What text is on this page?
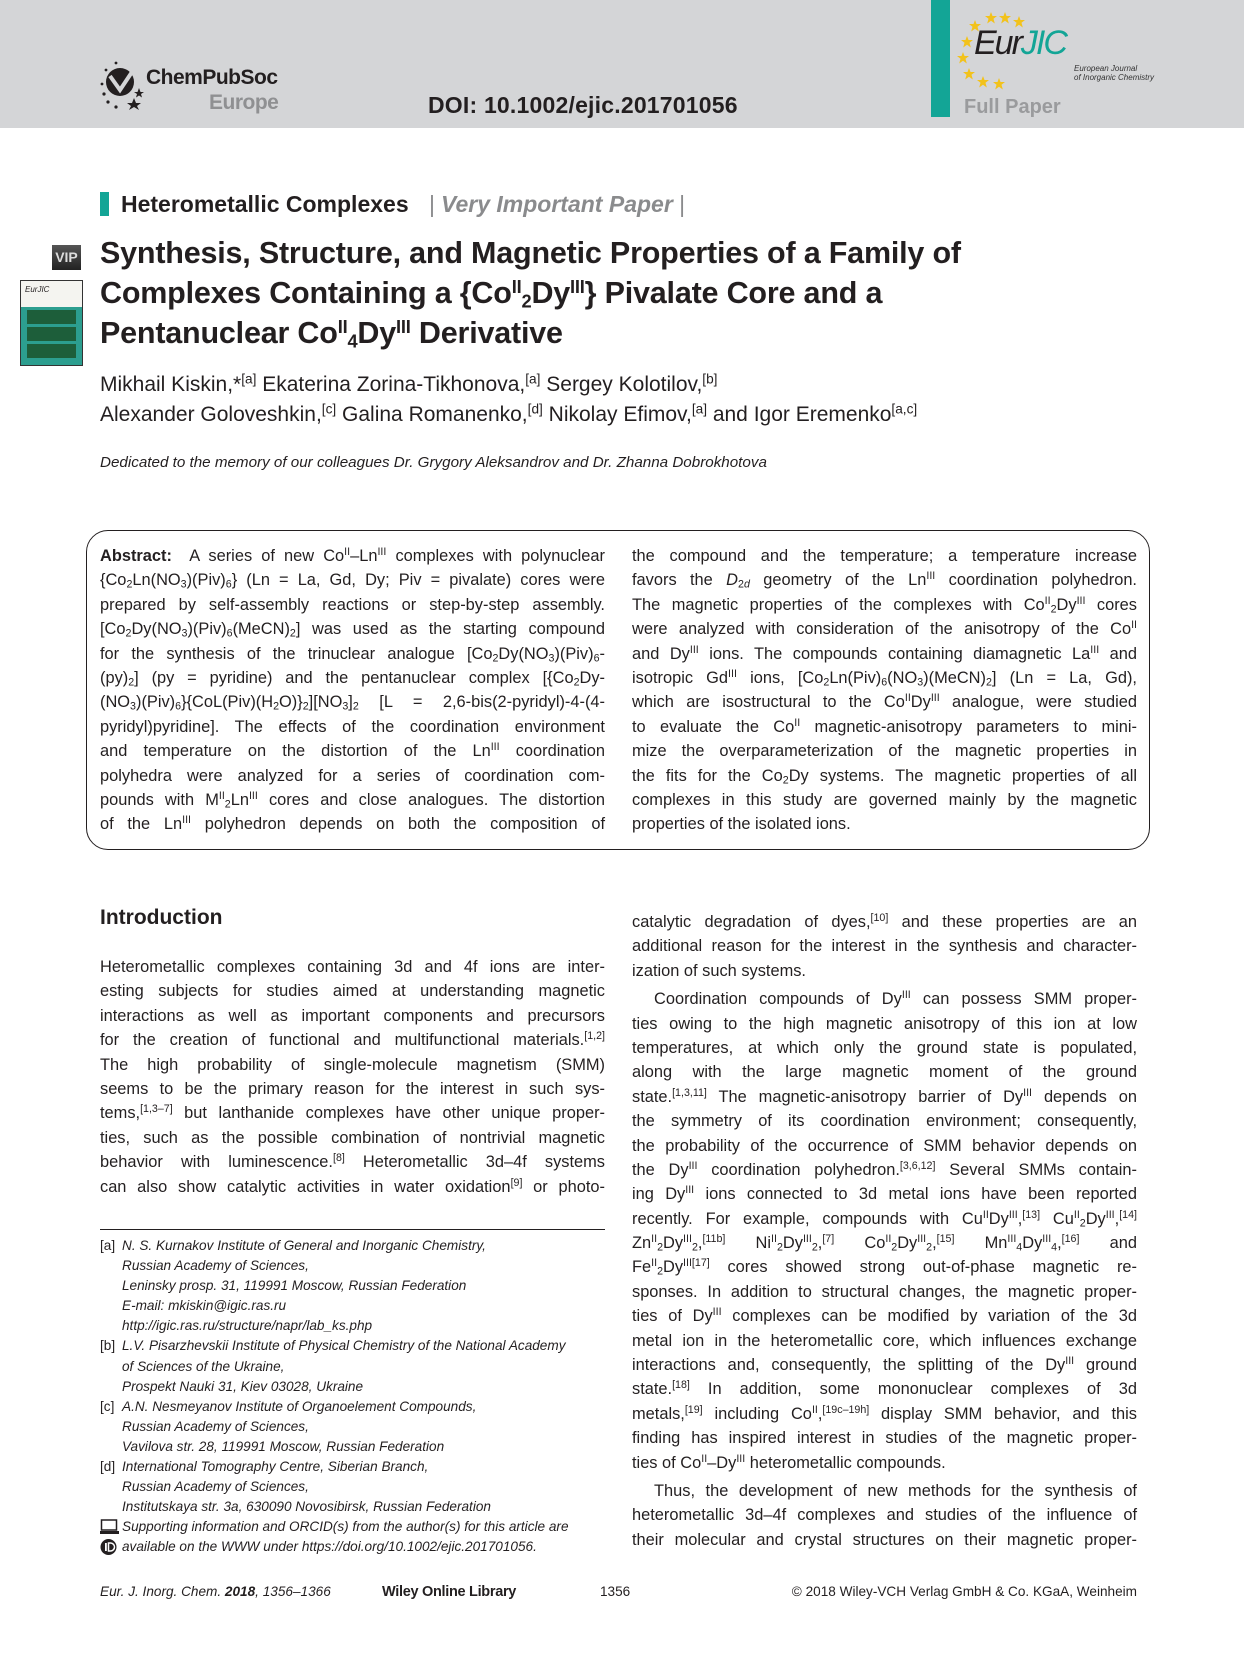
ChemPubSoc
Europe	DOI: 10.1002/ejic.201701056
EurJIC
European Journal
of Inorganic Chemistry
Full Paper
Heterometallic Complexes | Very Important Paper |
VIP
EurJIC
Synthesis, Structure, and Magnetic Properties of a Family of
Complexes Containing a $\{Co^{II}_2Dy^{III}\}$ Pivalate Core and a
Pentanuclear $Co^{II}_4Dy^{III}$ Derivative
Mikhail Kiskin,*[a] Ekaterina Zorina-Tikhonova,[a] Sergey Kolotilov,[b]
Alexander Goloveshkin,[c] Galina Romanenko,[d] Nikolay Efimov,[a] and Igor Eremenko[a,c]
Dedicated to the memory of our colleagues Dr. Grygory Aleksandrov and Dr. Zhanna Dobrokhotova
Abstract:  A series of new $Co^{II}-Ln^{III}$ complexes with polynuclear
$\{Co_2Ln(NO_3)(Piv)_6\} (Ln = La$, Gd, Dy; Piv = pivalate) cores were
prepared by self-assembly reactions or step-by-step assembly.
$[Co_2Dy(NO_3)(Piv)_6(MeCN)_2]$ was used as the starting compound
for the synthesis of the trinuclear analogue [$Co_2Dy(NO_3)(Piv)_6-$
$(py)_2$] (py = pyridine) and the pentanuclear complex [{$Co_2Dy-$
$(NO_3)(Piv)_6\}\{CoL(Piv)(H_2O)\}_2][NO_3]_2$ [L = 2,6-bis(2-pyridyl)-4-(4-
pyridyl)pyridine]. The effects of the coordination environment
and temperature on the distortion of the $Ln^{III}$ coordination
polyhedra were analyzed for a series of coordination com-
pounds with $M^{II}_2Ln^{III}$ cores and close analogues. The distortion
of the $Ln^{III}$ polyhedron depends on both the composition of
the compound and the temperature; a temperature increase
favors the $D_{2d}$ geometry of the $Ln^{III}$ coordination polyhedron.
The magnetic properties of the complexes with $Co^{II}_2Dy^{III}$ cores
were analyzed with consideration of the anisotropy of the $Co^{II}$
and $Dy^{III}$ ions. The compounds containing diamagnetic $La^{III}$ and
isotropic $Gd^{III}$ ions, $[Co_2Ln(Piv)_6(NO_3)(MeCN)_2] (Ln = La$, Gd),
which are isostructural to the $Co^{II}Dy^{III}$ analogue, were studied
to evaluate the $Co^{II}$ magnetic-anisotropy parameters to mini-
mize the overparameterization of the magnetic properties in
the fits for the $Co_2Dy$ systems. The magnetic properties of all
complexes in this study are governed mainly by the magnetic
properties of the isolated ions.
Introduction
Heterometallic complexes containing 3d and 4f ions are inter-
esting subjects for studies aimed at understanding magnetic
interactions as well as important components and precursors
for the creation of functional and multifunctional materials.[1,2]
The high probability of single-molecule magnetism (SMM)
seems to be the primary reason for the interest in such sys-
tems,[1,3–7] but lanthanide complexes have other unique proper-
ties, such as the possible combination of nontrivial magnetic
behavior with luminescence.[8] Heterometallic 3d–4f systems
can also show catalytic activities in water oxidation[9] or photo-
catalytic degradation of dyes,[10] and these properties are an
additional reason for the interest in the synthesis and character-
ization of such systems.
Coordination compounds of $Dy^{III}$ can possess SMM proper-
ties owing to the high magnetic anisotropy of this ion at low
temperatures, at which only the ground state is populated,
along with the large magnetic moment of the ground
state.[1,3,11] The magnetic-anisotropy barrier of $Dy^{III}$ depends on
the symmetry of its coordination environment; consequently,
the probability of the occurrence of SMM behavior depends on
the $Dy^{III}$ coordination polyhedron.[3,6,12] Several SMMs contain-
ing $Dy^{III}$ ions connected to 3d metal ions have been reported
recently. For example, compounds with $Cu^{II}Dy^{III},[13]$ $Cu^{II}_2Dy^{III},[14]$
$Zn^{II}_2Dy^{III}_2,[11b]$ $Ni^{II}_2Dy^{III}_2,[7]$ $Co^{II}_2Dy^{III}_2,[15]$ $Mn^{III}_4Dy^{III}_4,[16]$ and
$Fe^{II}_2Dy^{III[17]}$ cores showed strong out-of-phase magnetic re-
sponses. In addition to structural changes, the magnetic proper-
ties of $Dy^{III}$ complexes can be modified by variation of the 3d
metal ion in the heterometallic core, which influences exchange
interactions and, consequently, the splitting of the $Dy^{III}$ ground
state.[18] In addition, some mononuclear complexes of 3d
metals,[19] including $Co^{II},[19c-19h]$ display SMM behavior, and this
finding has inspired interest in studies of the magnetic proper-
ties of $Co^{II}-Dy^{III}$ heterometallic compounds.
Thus, the development of new methods for the synthesis of
heterometallic 3d–4f complexes and studies of the influence of
their molecular and crystal structures on their magnetic proper-
[a] N. S. Kurnakov Institute of General and Inorganic Chemistry,
Russian Academy of Sciences,
Leninsky prosp. 31, 119991 Moscow, Russian Federation
E-mail: mkiskin@igic.ras.ru
http://igic.ras.ru/structure/napr/lab_ks.php
[b] L.V. Pisarzhevskii Institute of Physical Chemistry of the National Academy
of Sciences of the Ukraine,
Prospekt Nauki 31, Kiev 03028, Ukraine
[c] A.N. Nesmeyanov Institute of Organoelement Compounds,
Russian Academy of Sciences,
Vavilova str. 28, 119991 Moscow, Russian Federation
[d] International Tomography Centre, Siberian Branch,
Russian Academy of Sciences,
Institutskaya str. 3a, 630090 Novosibirsk, Russian Federation
Supporting information and ORCID(s) from the author(s) for this article are
available on the WWW under https://doi.org/10.1002/ejic.201701056.
Eur. J. Inorg. Chem. 2018, 1356–1366	Wiley Online Library	1356	© 2018 Wiley-VCH Verlag GmbH & Co. KGaA, Weinheim
